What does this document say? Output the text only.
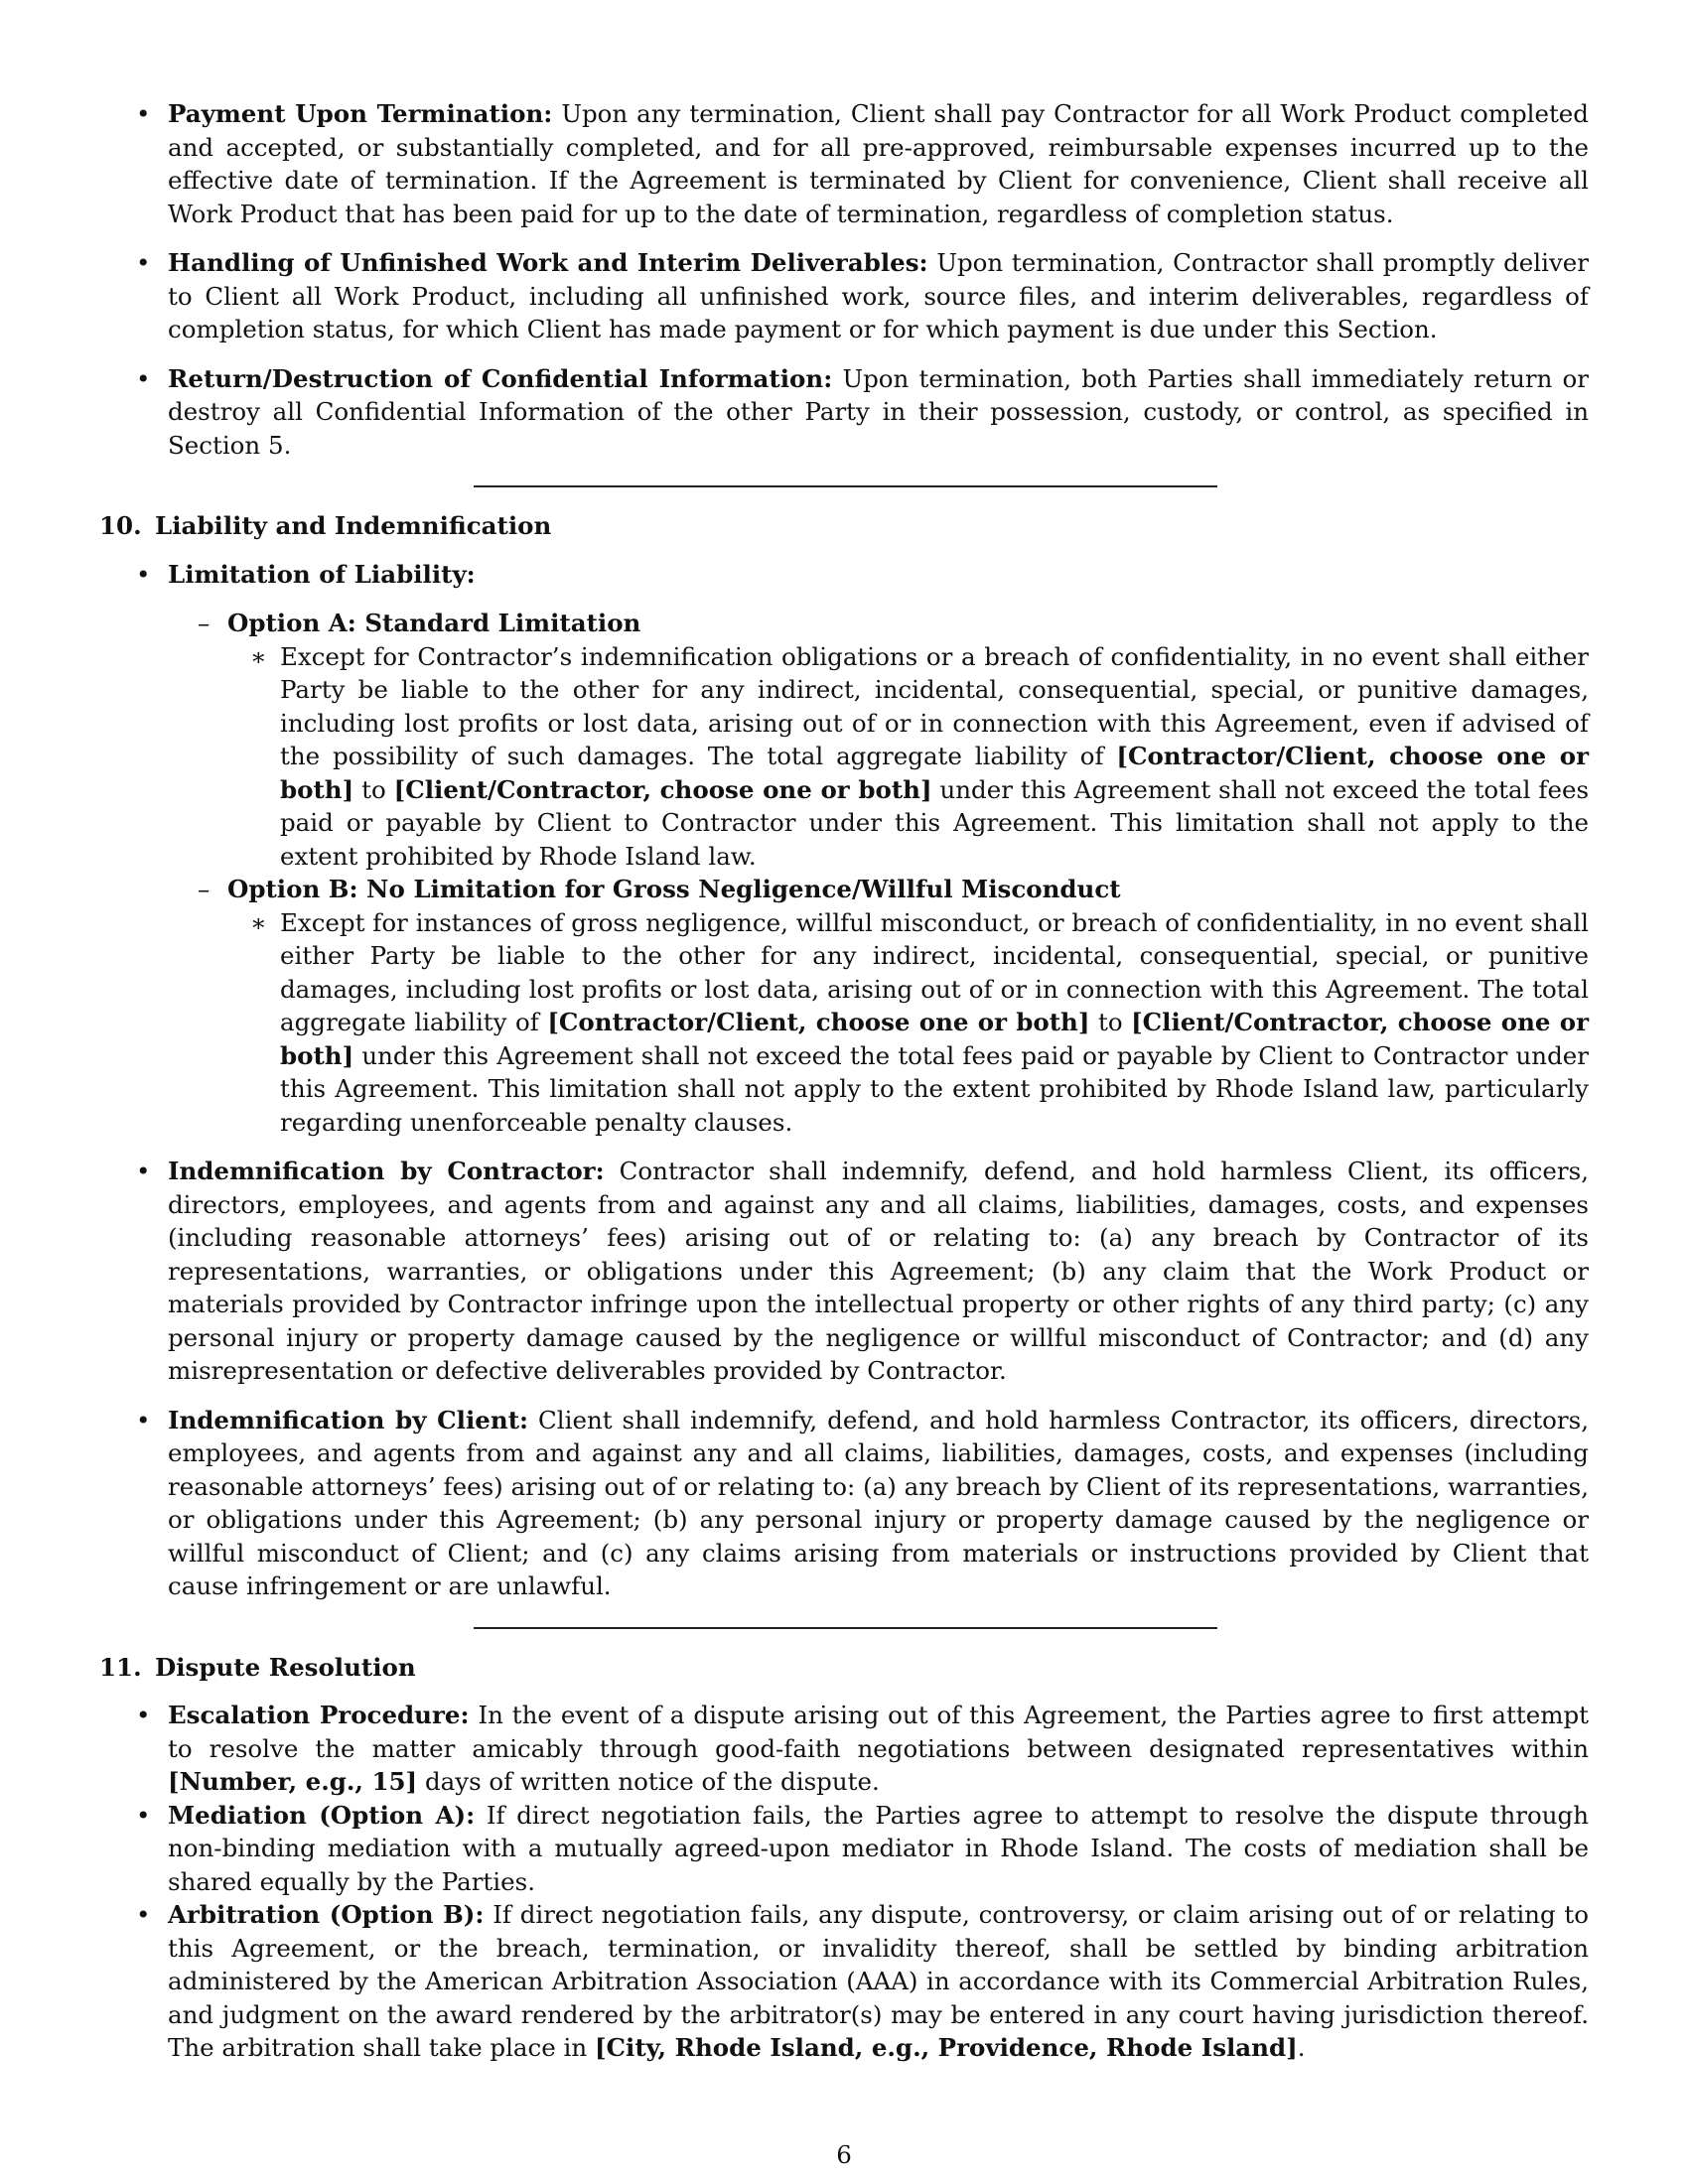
• Payment Upon Termination: Upon any termination, Client shall pay Contractor for all Work Product completed and accepted, or substantially completed, and for all pre-approved, reimbursable expenses incurred up to the effective date of termination. If the Agreement is terminated by Client for convenience, Client shall receive all Work Product that has been paid for up to the date of termination, regardless of completion status.

• Handling of Unfinished Work and Interim Deliverables: Upon termination, Contractor shall promptly deliver to Client all Work Product, including all unfinished work, source files, and interim deliverables, regardless of completion status, for which Client has made payment or for which payment is due under this Section.

• Return/Destruction of Confidential Information: Upon termination, both Parties shall immediately return or destroy all Confidential Information of the other Party in their possession, custody, or control, as specified in Section 5.

10. Liability and Indemnification

• Limitation of Liability:

– Option A: Standard Limitation

∗ Except for Contractor’s indemnification obligations or a breach of confidentiality, in no event shall either Party be liable to the other for any indirect, incidental, consequential, special, or punitive damages, including lost profits or lost data, arising out of or in connection with this Agreement, even if advised of the possibility of such damages. The total aggregate liability of [Contractor/Client, choose one or both] to [Client/Contractor, choose one or both] under this Agreement shall not exceed the total fees paid or payable by Client to Contractor under this Agreement. This limitation shall not apply to the extent prohibited by Rhode Island law.

– Option B: No Limitation for Gross Negligence/Willful Misconduct

∗ Except for instances of gross negligence, willful misconduct, or breach of confidentiality, in no event shall either Party be liable to the other for any indirect, incidental, consequential, special, or punitive damages, including lost profits or lost data, arising out of or in connection with this Agreement. The total aggregate liability of [Contractor/Client, choose one or both] to [Client/Contractor, choose one or both] under this Agreement shall not exceed the total fees paid or payable by Client to Contractor under this Agreement. This limitation shall not apply to the extent prohibited by Rhode Island law, particularly regarding unenforceable penalty clauses.

• Indemnification by Contractor: Contractor shall indemnify, defend, and hold harmless Client, its officers, directors, employees, and agents from and against any and all claims, liabilities, damages, costs, and expenses (including reasonable attorneys’ fees) arising out of or relating to: (a) any breach by Contractor of its representations, warranties, or obligations under this Agreement; (b) any claim that the Work Product or materials provided by Contractor infringe upon the intellectual property or other rights of any third party; (c) any personal injury or property damage caused by the negligence or willful misconduct of Contractor; and (d) any misrepresentation or defective deliverables provided by Contractor.

• Indemnification by Client: Client shall indemnify, defend, and hold harmless Contractor, its officers, directors, employees, and agents from and against any and all claims, liabilities, damages, costs, and expenses (including reasonable attorneys’ fees) arising out of or relating to: (a) any breach by Client of its representations, warranties, or obligations under this Agreement; (b) any personal injury or property damage caused by the negligence or willful misconduct of Client; and (c) any claims arising from materials or instructions provided by Client that cause infringement or are unlawful.

11. Dispute Resolution

• Escalation Procedure: In the event of a dispute arising out of this Agreement, the Parties agree to first attempt to resolve the matter amicably through good-faith negotiations between designated representatives within [Number, e.g., 15] days of written notice of the dispute.

• Mediation (Option A): If direct negotiation fails, the Parties agree to attempt to resolve the dispute through non-binding mediation with a mutually agreed-upon mediator in Rhode Island. The costs of mediation shall be shared equally by the Parties.

• Arbitration (Option B): If direct negotiation fails, any dispute, controversy, or claim arising out of or relating to this Agreement, or the breach, termination, or invalidity thereof, shall be settled by binding arbitration administered by the American Arbitration Association (AAA) in accordance with its Commercial Arbitration Rules, and judgment on the award rendered by the arbitrator(s) may be entered in any court having jurisdiction thereof. The arbitration shall take place in [City, Rhode Island, e.g., Providence, Rhode Island].

6
